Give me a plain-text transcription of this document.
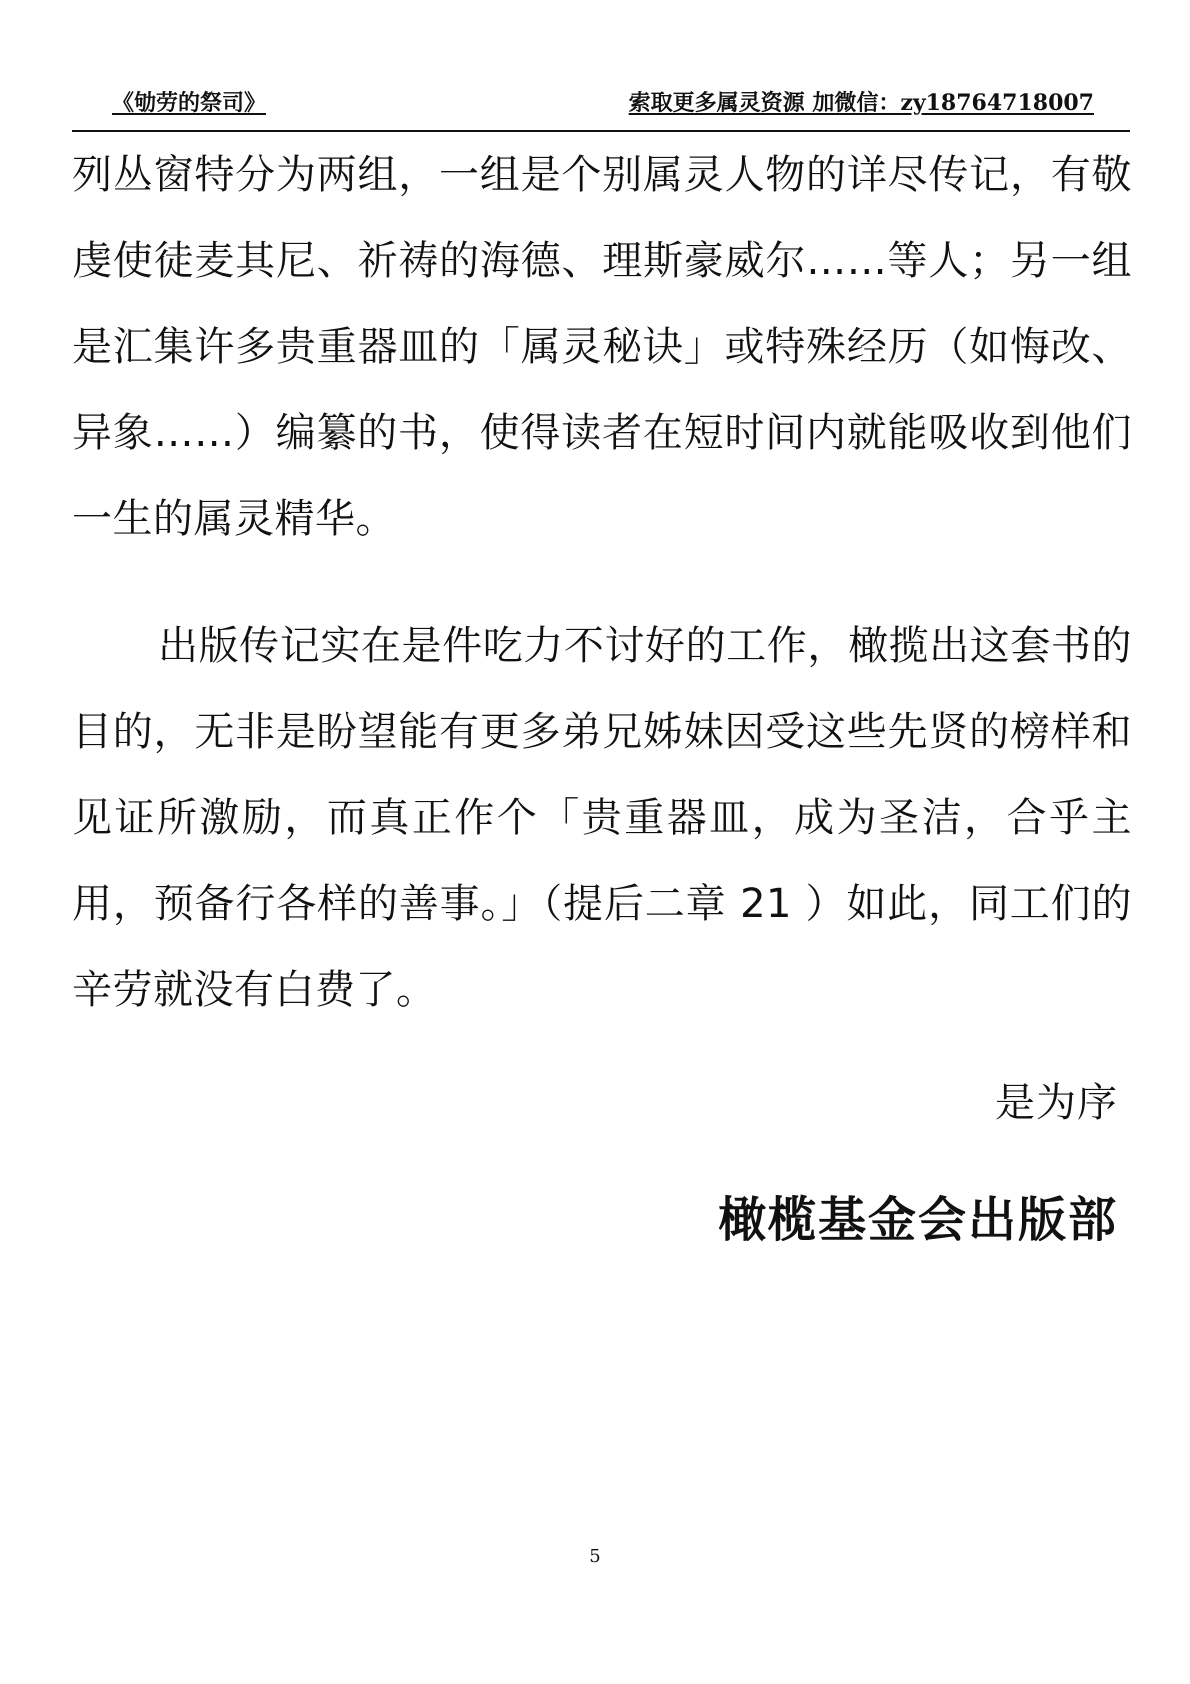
《劬劳的祭司》	索取更多属灵资源 加微信：zy18764718007

列丛窗特分为两组，一组是个别属灵人物的详尽传记，有敬虔使徒麦其尼、祈祷的海德、理斯豪威尔……等人；另一组是汇集许多贵重器皿的「属灵秘诀」或特殊经历（如悔改、异象……）编纂的书，使得读者在短时间内就能吸收到他们一生的属灵精华。

出版传记实在是件吃力不讨好的工作，橄揽出这套书的目的，无非是盼望能有更多弟兄姊妹因受这些先贤的榜样和见证所激励，而真正作个「贵重器皿，成为圣洁，合乎主用，预备行各样的善事。」（提后二章 21 ）如此，同工们的辛劳就没有白费了。

是为序

橄榄基金会出版部

5
